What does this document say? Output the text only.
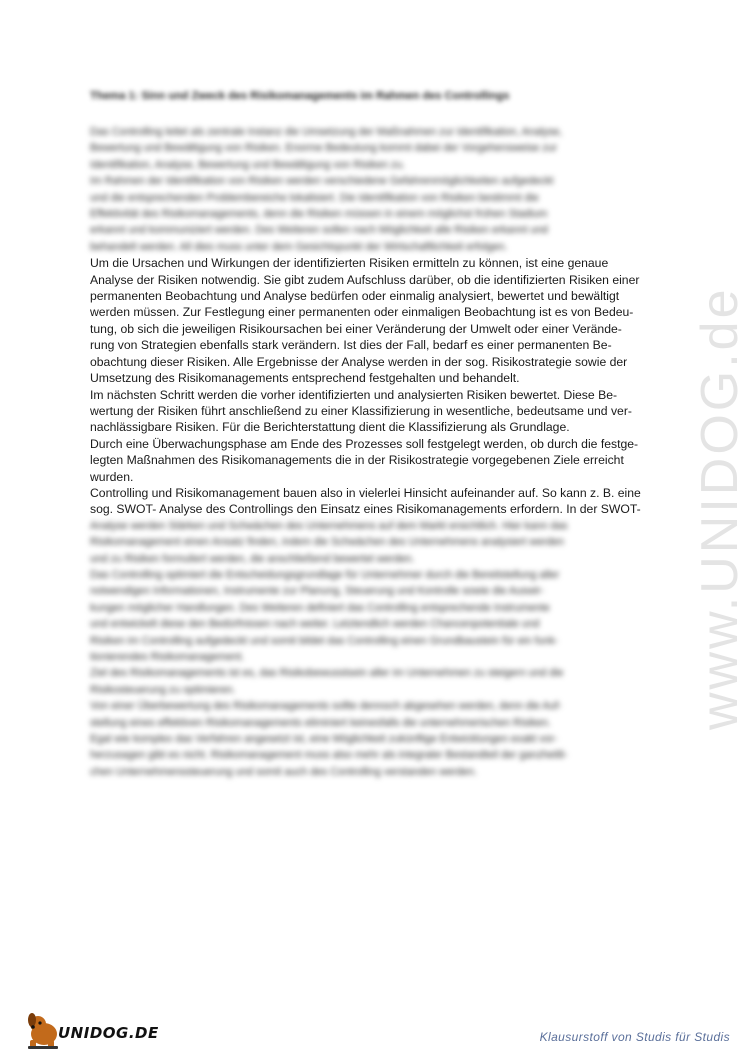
Thema 1: Sinn und Zweck des Risikomanagements im Rahmen des Controllings
Das Controlling leitet als zentrale Instanz die Umsetzung der Maßnahmen zur Identifikation, Analyse,
Bewertung und Bewältigung von Risiken. Enorme Bedeutung kommt dabei der Vorgehensweise zur
Identifikation, Analyse, Bewertung und Bewältigung von Risiken zu.
Im Rahmen der Identifikation von Risiken werden verschiedene Gefahrenmöglichkeiten aufgedeckt
und die entsprechenden Problembereiche lokalisiert. Die Identifikation von Risiken bestimmt die
Effektivität des Risikomanagements, denn die Risiken müssen in einem möglichst frühen Stadium
erkannt und kommuniziert werden. Des Weiteren sollen nach Möglichkeit alle Risiken erkannt und
behandelt werden. All dies muss unter dem Gesichtspunkt der Wirtschaftlichkeit erfolgen.
Um die Ursachen und Wirkungen der identifizierten Risiken ermitteln zu können, ist eine genaue
Analyse der Risiken notwendig. Sie gibt zudem Aufschluss darüber, ob die identifizierten Risiken einer
permanenten Beobachtung und Analyse bedürfen oder einmalig analysiert, bewertet und bewältigt
werden müssen. Zur Festlegung einer permanenten oder einmaligen Beobachtung ist es von Bedeu-
tung, ob sich die jeweiligen Risikoursachen bei einer Veränderung der Umwelt oder einer Verände-
rung von Strategien ebenfalls stark verändern. Ist dies der Fall, bedarf es einer permanenten Be-
obachtung dieser Risiken. Alle Ergebnisse der Analyse werden in der sog. Risikostrategie sowie der
Umsetzung des Risikomanagements entsprechend festgehalten und behandelt.
Im nächsten Schritt werden die vorher identifizierten und analysierten Risiken bewertet. Diese Be-
wertung der Risiken führt anschließend zu einer Klassifizierung in wesentliche, bedeutsame und ver-
nachlässigbare Risiken. Für die Berichterstattung dient die Klassifizierung als Grundlage.
Durch eine Überwachungsphase am Ende des Prozesses soll festgelegt werden, ob durch die festge-
legten Maßnahmen des Risikomanagements die in der Risikostrategie vorgegebenen Ziele erreicht
wurden.
Controlling und Risikomanagement bauen also in vielerlei Hinsicht aufeinander auf. So kann z. B. eine
sog. SWOT- Analyse des Controllings den Einsatz eines Risikomanagements erfordern. In der SWOT-
Analyse werden Stärken und Schwächen des Unternehmens auf dem Markt ersichtlich. Hier kann das
Risikomanagement einen Ansatz finden, indem die Schwächen des Unternehmens analysiert werden
und zu Risiken formuliert werden, die anschließend bewertet werden.
Das Controlling optimiert die Entscheidungsgrundlage für Unternehmer durch die Bereitstellung aller
notwendigen Informationen, Instrumente zur Planung, Steuerung und Kontrolle sowie die Auswir-
kungen möglicher Handlungen. Des Weiteren definiert das Controlling entsprechende Instrumente
und entwickelt diese den Bedürfnissen nach weiter. Letztendlich werden Chancenpotentiale und
Risiken im Controlling aufgedeckt und somit bildet das Controlling einen Grundbaustein für ein funk-
tionierendes Risikomanagement.
Ziel des Risikomanagements ist es, das Risikobewusstsein aller im Unternehmen zu steigern und die
Risikosteuerung zu optimieren.
Von einer Überbewertung des Risikomanagements sollte dennoch abgesehen werden, denn die Auf-
stellung eines effektiven Risikomanagements eliminiert keinesfalls die unternehmerischen Risiken.
Egal wie komplex das Verfahren angesetzt ist, eine Möglichkeit zukünftige Entwicklungen exakt vor-
herzusagen gibt es nicht. Risikomanagement muss also mehr als integraler Bestandteil der ganzheitli-
chen Unternehmenssteuerung und somit auch des Controlling verstanden werden.
www.UNIDOG.de
UNIDOG.DE	Klausurstoff von Studis für Studis
